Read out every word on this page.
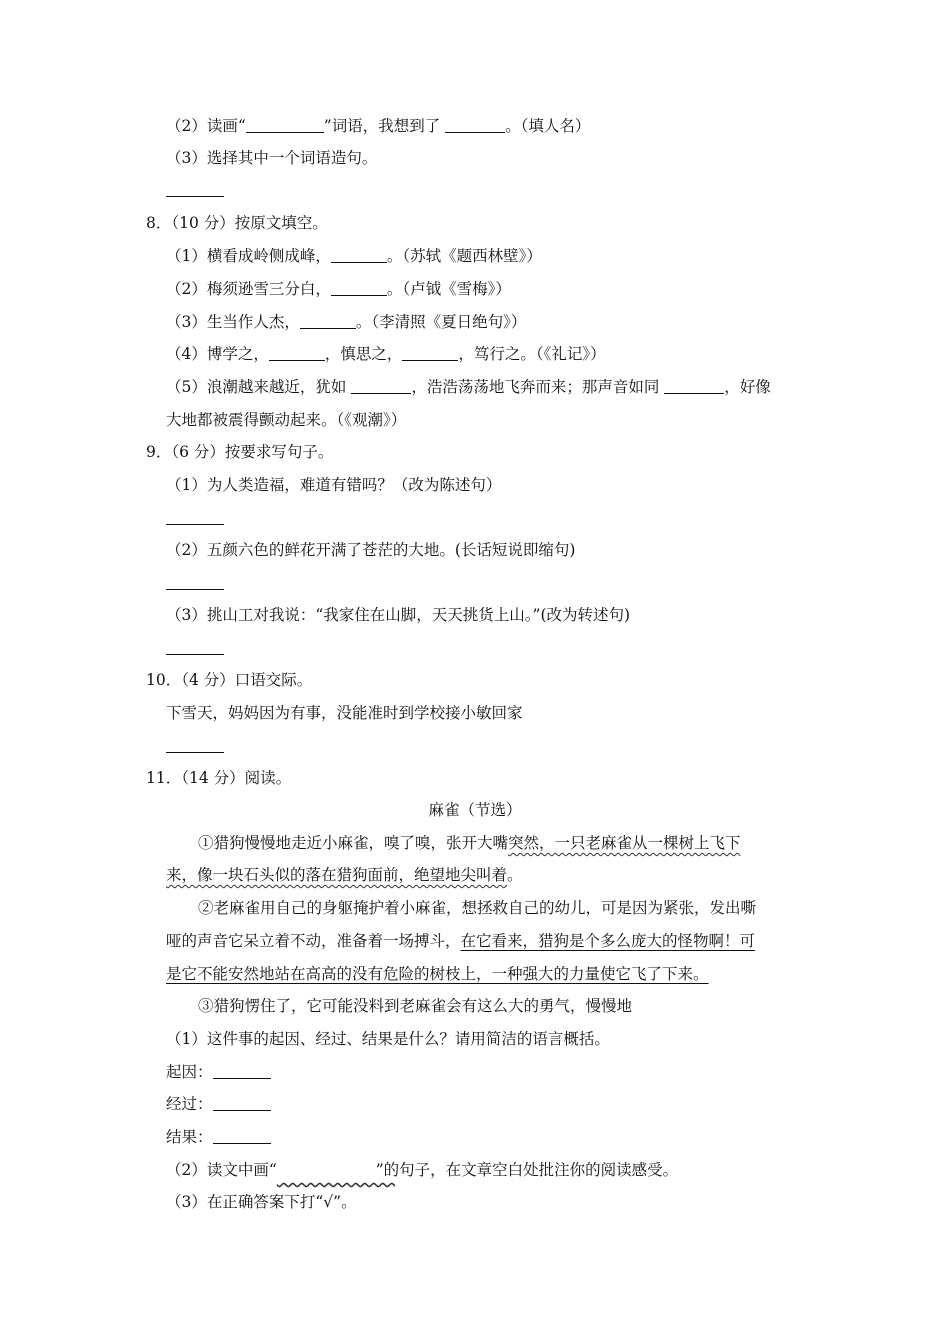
（2）读画“	”词语，我想到了	。（填人名）
（3）选择其中一个词语造句。
8．（10 分）按原文填空。
（1）横看成岭侧成峰，	。（苏轼《题西林壁》）
（2）梅须逊雪三分白，	。（卢钺《雪梅》）
（3）生当作人杰，	。（李清照《夏日绝句》）
（4）博学之，	，慎思之，	，笃行之。（《礼记》）
（5）浪潮越来越近，犹如	，浩浩荡荡地飞奔而来；那声音如同	，好像
大地都被震得颤动起来。（《观潮》）
9．（6 分）按要求写句子。
（1）为人类造福，难道有错吗？（改为陈述句）
（2）五颜六色的鲜花开满了苍茫的大地。(长话短说即缩句)
（3）挑山工对我说：“我家住在山脚，天天挑货上山。”(改为转述句)
10．（4 分）口语交际。
下雪天，妈妈因为有事，没能准时到学校接小敏回家
11．（14 分）阅读。
麻雀（节选）
①猎狗慢慢地走近小麻雀，嗅了嗅，张开大嘴突然，一只老麻雀从一棵树上飞下
来，像一块石头似的落在猎狗面前，绝望地尖叫着。
②老麻雀用自己的身躯掩护着小麻雀，想拯救自己的幼儿，可是因为紧张，发出嘶
哑的声音它呆立着不动，准备着一场搏斗，在它看来，猎狗是个多么庞大的怪物啊！可
是它不能安然地站在高高的没有危险的树枝上，一种强大的力量使它飞了下来。
③猎狗愣住了，它可能没料到老麻雀会有这么大的勇气，慢慢地
（1）这件事的起因、经过、结果是什么？请用简洁的语言概括。
起因：
经过：
结果：
（2）读文中画“	”的句子，在文章空白处批注你的阅读感受。
（3）在正确答案下打“√”。
